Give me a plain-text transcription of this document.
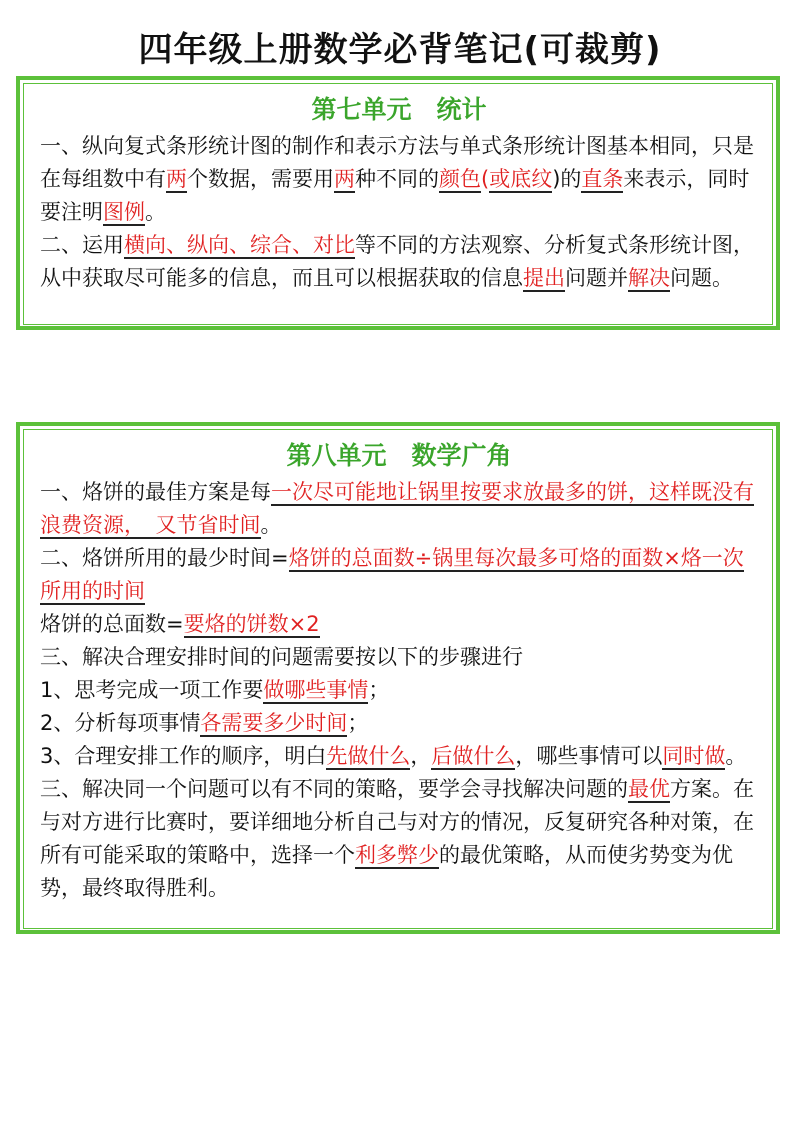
四年级上册数学必背笔记(可裁剪)
第七单元　统计

一、纵向复式条形统计图的制作和表示方法与单式条形统计图基本相同，只是在每组数中有两个数据，需要用两种不同的颜色(或底纹)的直条来表示，同时要注明图例。

二、运用横向、纵向、综合、对比等不同的方法观察、分析复式条形统计图，从中获取尽可能多的信息，而且可以根据获取的信息提出问题并解决问题。

第八单元　数学广角

一、烙饼的最佳方案是每一次尽可能地让锅里按要求放最多的饼，这样既没有浪费资源，　又节省时间。

二、烙饼所用的最少时间=烙饼的总面数÷锅里每次最多可烙的面数×烙一次所用的时间

烙饼的总面数=要烙的饼数×2

三、解决合理安排时间的问题需要按以下的步骤进行

1、思考完成一项工作要做哪些事情；

2、分析每项事情各需要多少时间；

3、合理安排工作的顺序，明白先做什么，后做什么，哪些事情可以同时做。

三、解决同一个问题可以有不同的策略，要学会寻找解决问题的最优方案。在与对方进行比赛时，要详细地分析自己与对方的情况，反复研究各种对策，在所有可能采取的策略中，选择一个利多弊少的最优策略，从而使劣势变为优势，最终取得胜利。
